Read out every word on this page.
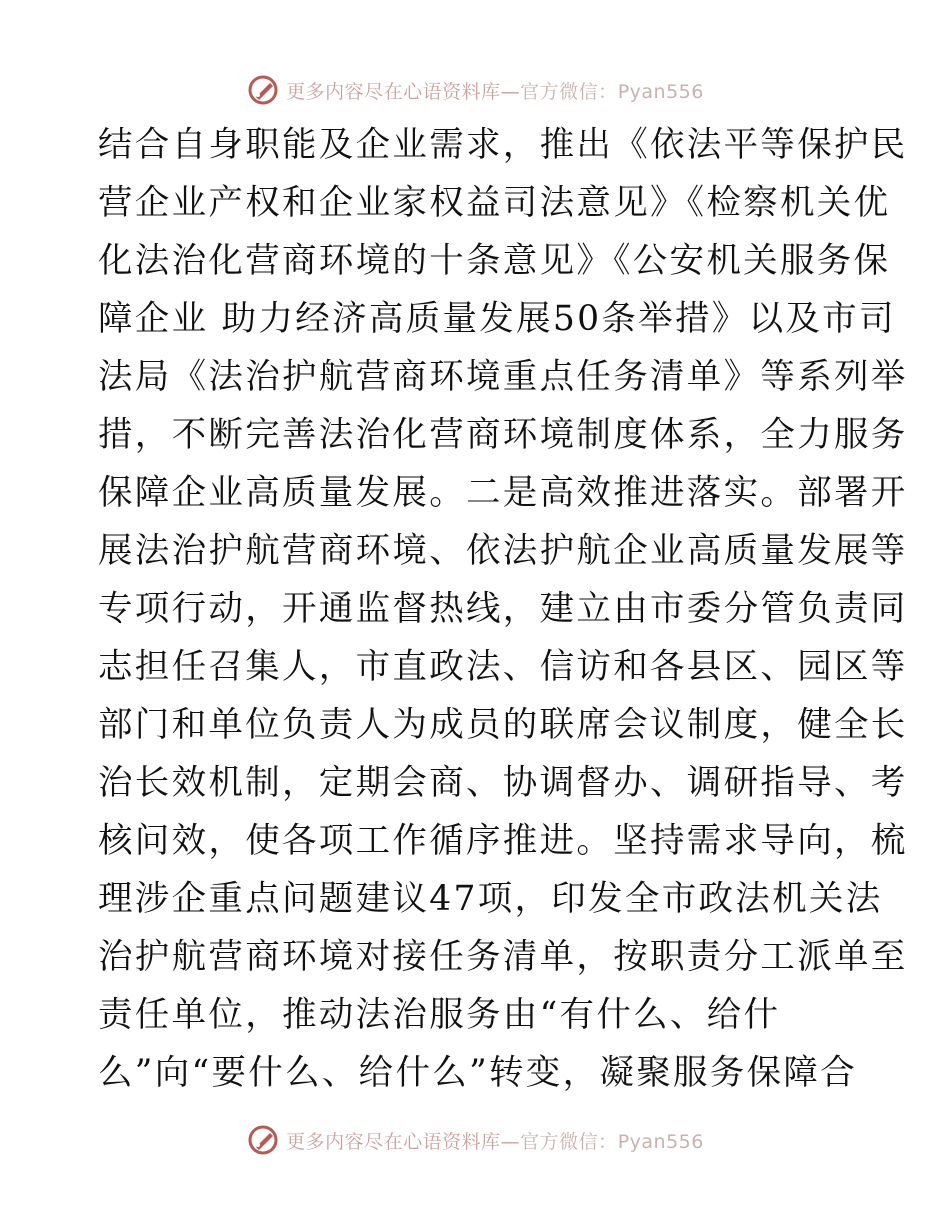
更多内容尽在心语资料库—官方微信：Pyan556
结合自身职能及企业需求，推出《依法平等保护民
营企业产权和企业家权益司法意见》《检察机关优
化法治化营商环境的十条意见》《公安机关服务保
障企业 助力经济高质量发展50条举措》以及市司
法局《法治护航营商环境重点任务清单》等系列举
措，不断完善法治化营商环境制度体系，全力服务
保障企业高质量发展。二是高效推进落实。部署开
展法治护航营商环境、依法护航企业高质量发展等
专项行动，开通监督热线，建立由市委分管负责同
志担任召集人，市直政法、信访和各县区、园区等
部门和单位负责人为成员的联席会议制度，健全长
治长效机制，定期会商、协调督办、调研指导、考
核问效，使各项工作循序推进。坚持需求导向，梳
理涉企重点问题建议47项，印发全市政法机关法
治护航营商环境对接任务清单，按职责分工派单至
责任单位，推动法治服务由“有什么、给什
么”向“要什么、给什么”转变，凝聚服务保障合
更多内容尽在心语资料库—官方微信：Pyan556
